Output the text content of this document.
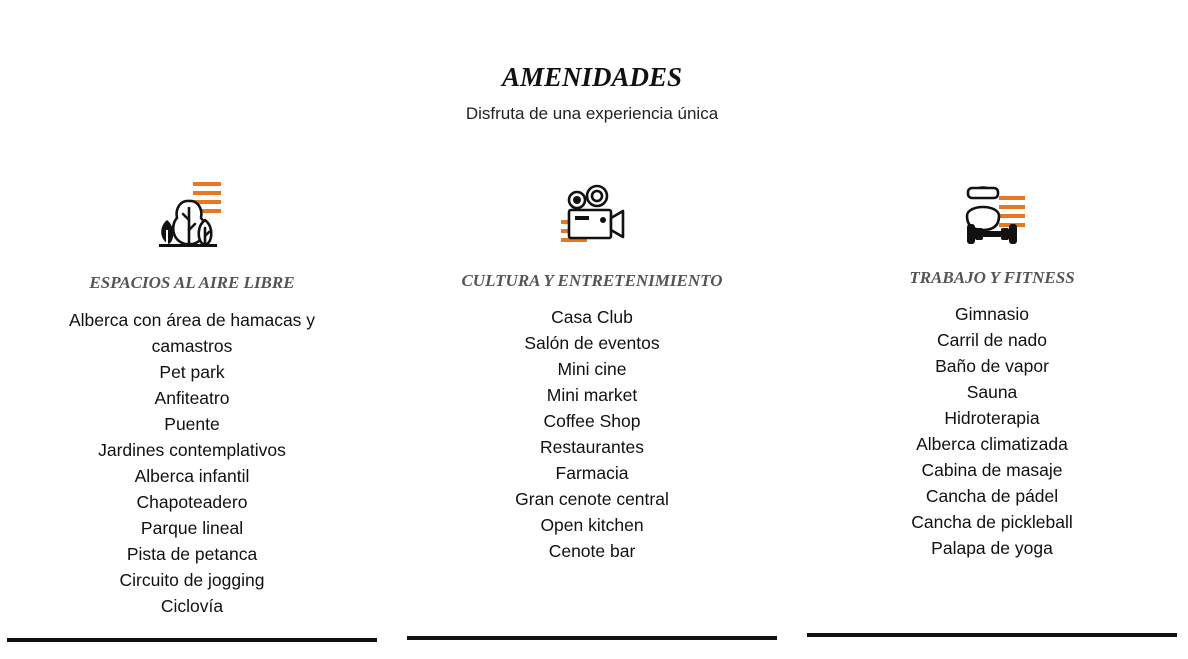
AMENIDADES
Disfruta de una experiencia única
ESPACIOS AL AIRE LIBRE
Alberca con área de hamacas y camastros
Pet park
Anfiteatro
Puente
Jardines contemplativos
Alberca infantil
Chapoteadero
Parque lineal
Pista de petanca
Circuito de jogging
Ciclovía
CULTURA Y ENTRETENIMIENTO
Casa Club
Salón de eventos
Mini cine
Mini market
Coffee Shop
Restaurantes
Farmacia
Gran cenote central
Open kitchen
Cenote bar
TRABAJO Y FITNESS
Gimnasio
Carril de nado
Baño de vapor
Sauna
Hidroterapia
Alberca climatizada
Cabina de masaje
Cancha de pádel
Cancha de pickleball
Palapa de yoga
